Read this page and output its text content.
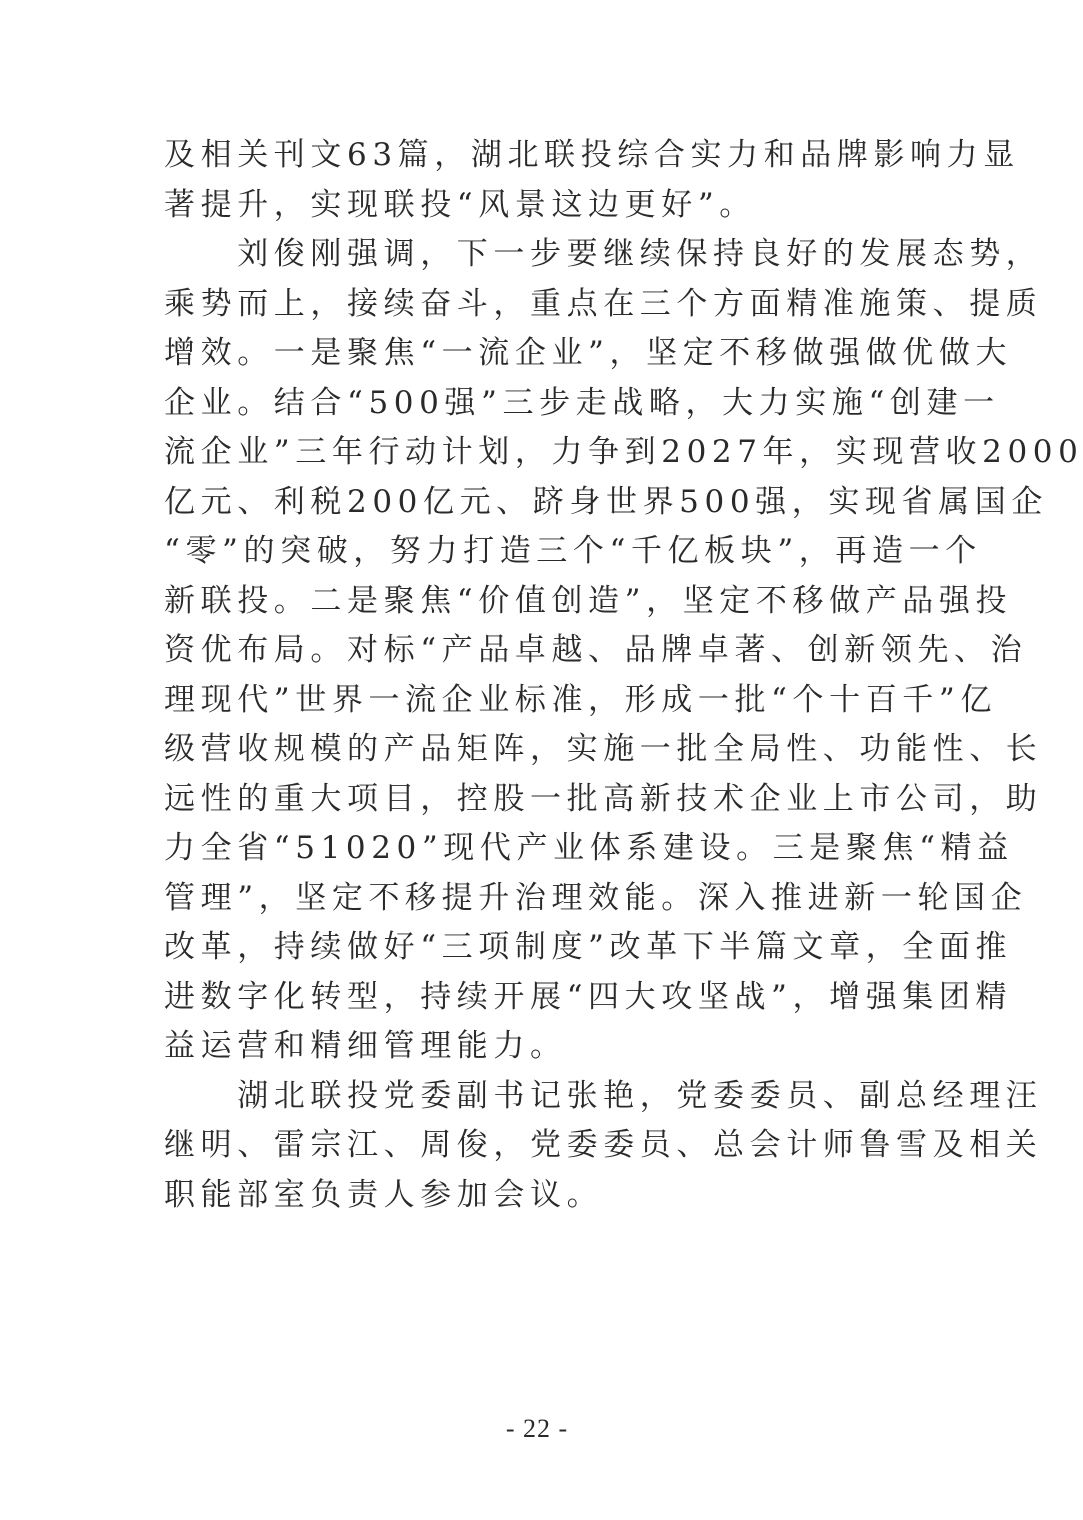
及相关刊文63篇，湖北联投综合实力和品牌影响力显
著提升，实现联投“风景这边更好”。
　　刘俊刚强调，下一步要继续保持良好的发展态势，
乘势而上，接续奋斗，重点在三个方面精准施策、提质
增效。一是聚焦“一流企业”，坚定不移做强做优做大
企业。结合“500强”三步走战略，大力实施“创建一
流企业”三年行动计划，力争到2027年，实现营收2000
亿元、利税200亿元、跻身世界500强，实现省属国企
“零”的突破，努力打造三个“千亿板块”，再造一个
新联投。二是聚焦“价值创造”，坚定不移做产品强投
资优布局。对标“产品卓越、品牌卓著、创新领先、治
理现代”世界一流企业标准，形成一批“个十百千”亿
级营收规模的产品矩阵，实施一批全局性、功能性、长
远性的重大项目，控股一批高新技术企业上市公司，助
力全省“51020”现代产业体系建设。三是聚焦“精益
管理”，坚定不移提升治理效能。深入推进新一轮国企
改革，持续做好“三项制度”改革下半篇文章，全面推
进数字化转型，持续开展“四大攻坚战”，增强集团精
益运营和精细管理能力。
　　湖北联投党委副书记张艳，党委委员、副总经理汪
继明、雷宗江、周俊，党委委员、总会计师鲁雪及相关
职能部室负责人参加会议。
- 22 -
